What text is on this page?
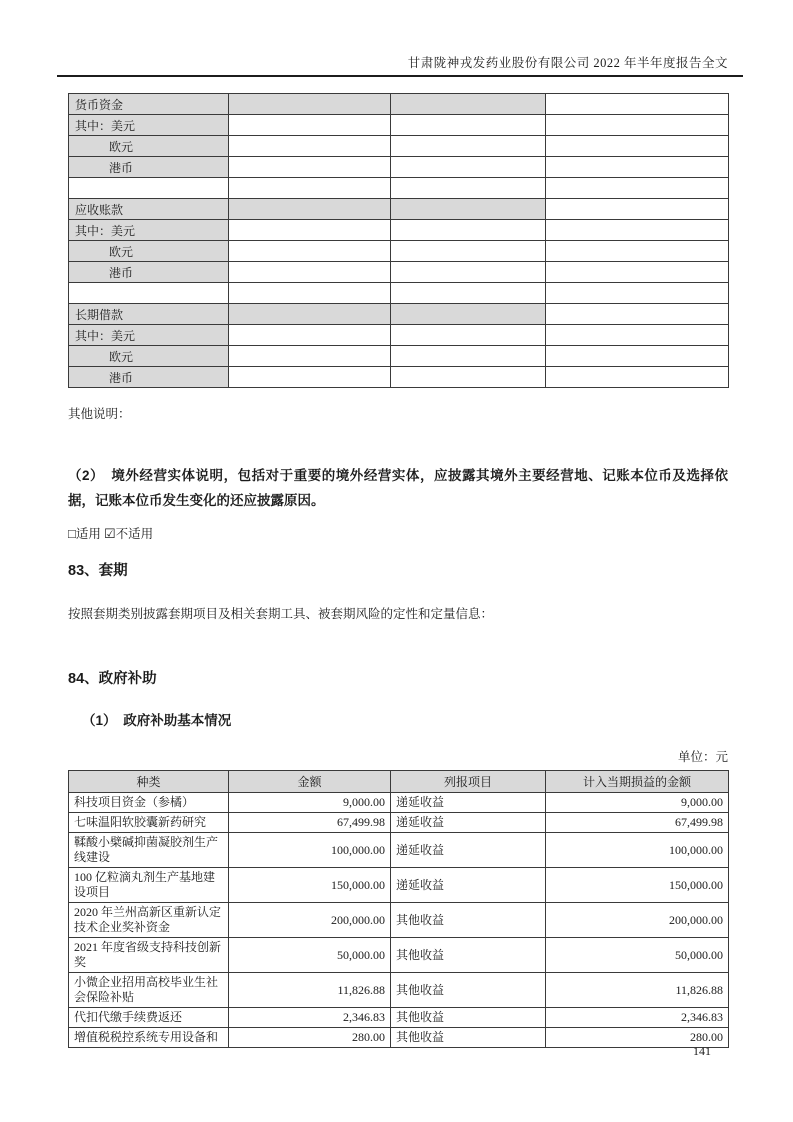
甘肃陇神戎发药业股份有限公司 2022 年半年度报告全文
货币资金			
其中：美元			
欧元			
港币			

应收账款			
其中：美元			
欧元			
港币			

长期借款			
其中：美元			
欧元			
港币			
其他说明：
（2）　境外经营实体说明，包括对于重要的境外经营实体，应披露其境外主要经营地、记账本位币及选择依据，记账本位币发生变化的还应披露原因。
□适用 ☑不适用
83、套期
按照套期类别披露套期项目及相关套期工具、被套期风险的定性和定量信息：
84、政府补助
（1）　政府补助基本情况
单位：元
种类	金额	列报项目	计入当期损益的金额
科技项目资金（参橘）	9,000.00	递延收益	9,000.00
七味温阳软胶囊新药研究	67,499.98	递延收益	67,499.98
鞣酸小檗碱抑菌凝胶剂生产线建设	100,000.00	递延收益	100,000.00
100 亿粒滴丸剂生产基地建设项目	150,000.00	递延收益	150,000.00
2020 年兰州高新区重新认定技术企业奖补资金	200,000.00	其他收益	200,000.00
2021 年度省级支持科技创新奖	50,000.00	其他收益	50,000.00
小微企业招用高校毕业生社会保险补贴	11,826.88	其他收益	11,826.88
代扣代缴手续费返还	2,346.83	其他收益	2,346.83
增值税税控系统专用设备和	280.00	其他收益	280.00
141
